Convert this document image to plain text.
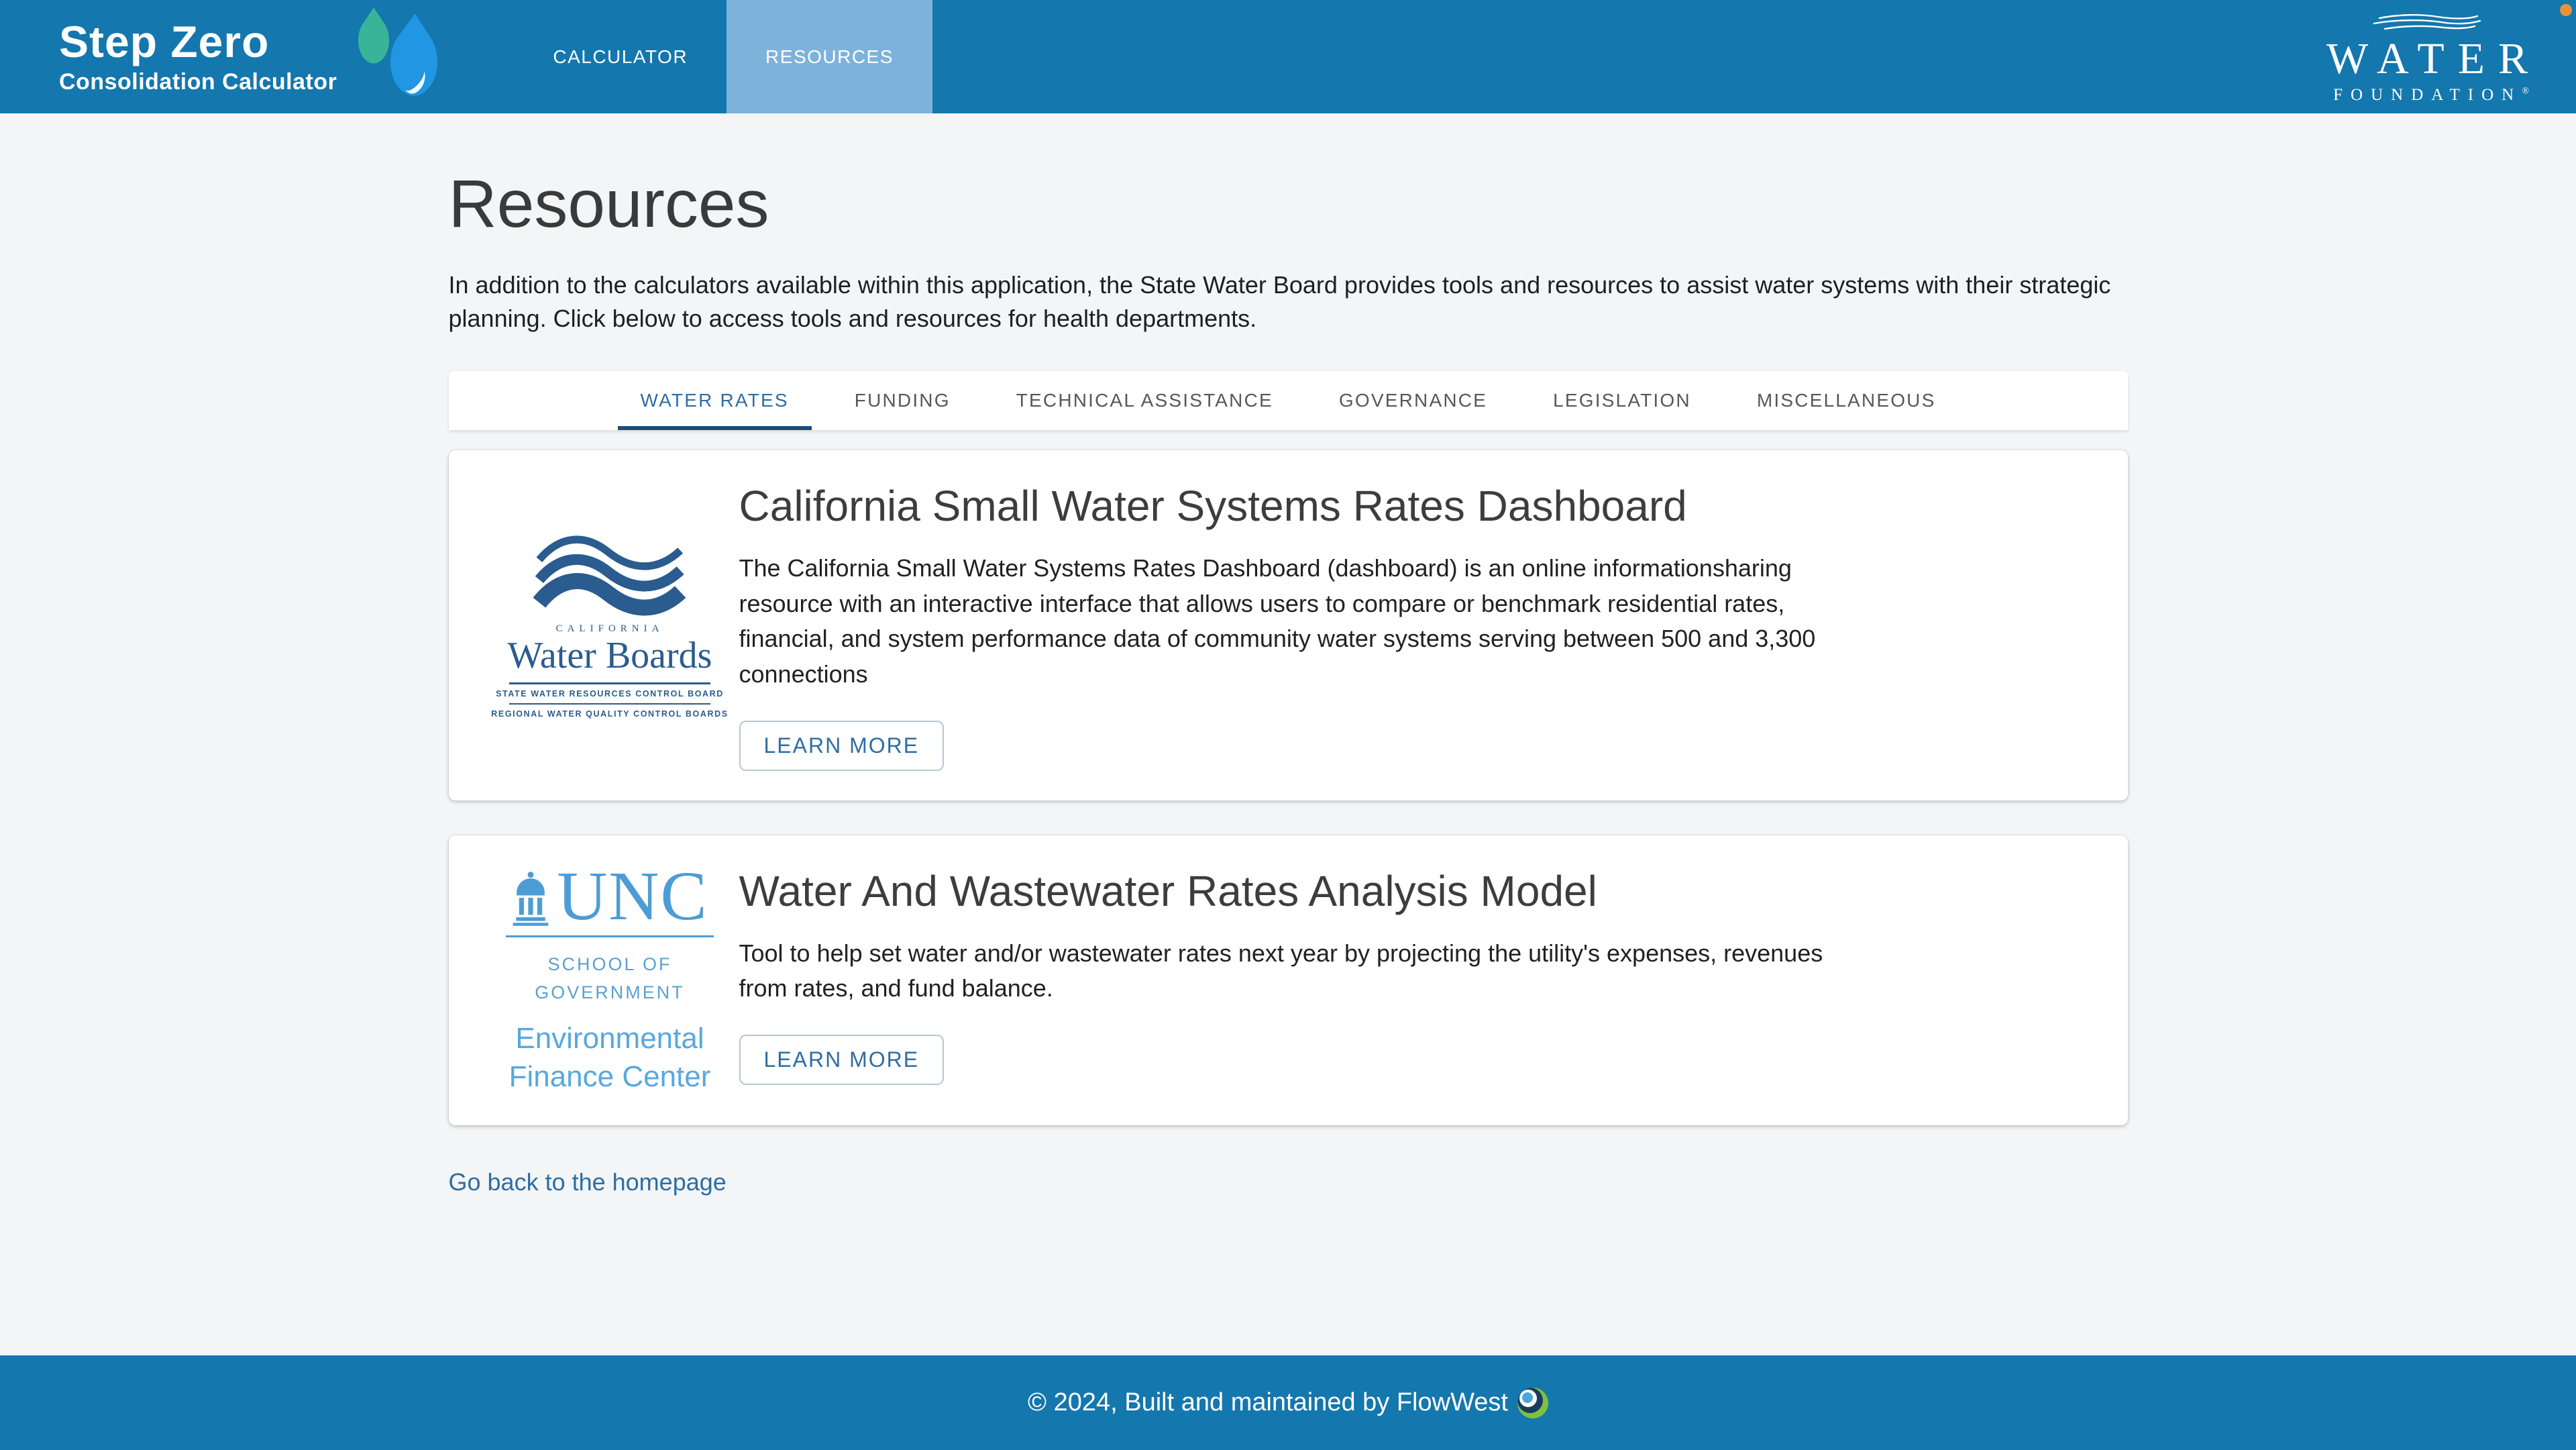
Step Zero
Consolidation Calculator
CALCULATOR	RESOURCES	WATER
FOUNDATION®
Resources

In addition to the calculators available within this application, the State Water Board provides tools and resources to assist water systems with their strategic planning. Click below to access tools and resources for health departments.

WATER RATES	FUNDING	TECHNICAL ASSISTANCE	GOVERNANCE	LEGISLATION	MISCELLANEOUS
CALIFORNIA
Water Boards
STATE WATER RESOURCES CONTROL BOARD
REGIONAL WATER QUALITY CONTROL BOARDS
California Small Water Systems Rates Dashboard

The California Small Water Systems Rates Dashboard (dashboard) is an online informationsharing resource with an interactive interface that allows users to compare or benchmark residential rates, financial, and system performance data of community water systems serving between 500 and 3,300 connections

LEARN MORE
UNC
SCHOOL OF
GOVERNMENT
Environmental
Finance Center
Water And Wastewater Rates Analysis Model

Tool to help set water and/or wastewater rates next year by projecting the utility's expenses, revenues from rates, and fund balance.

LEARN MORE
Go back to the homepage
© 2024, Built and maintained by FlowWest
